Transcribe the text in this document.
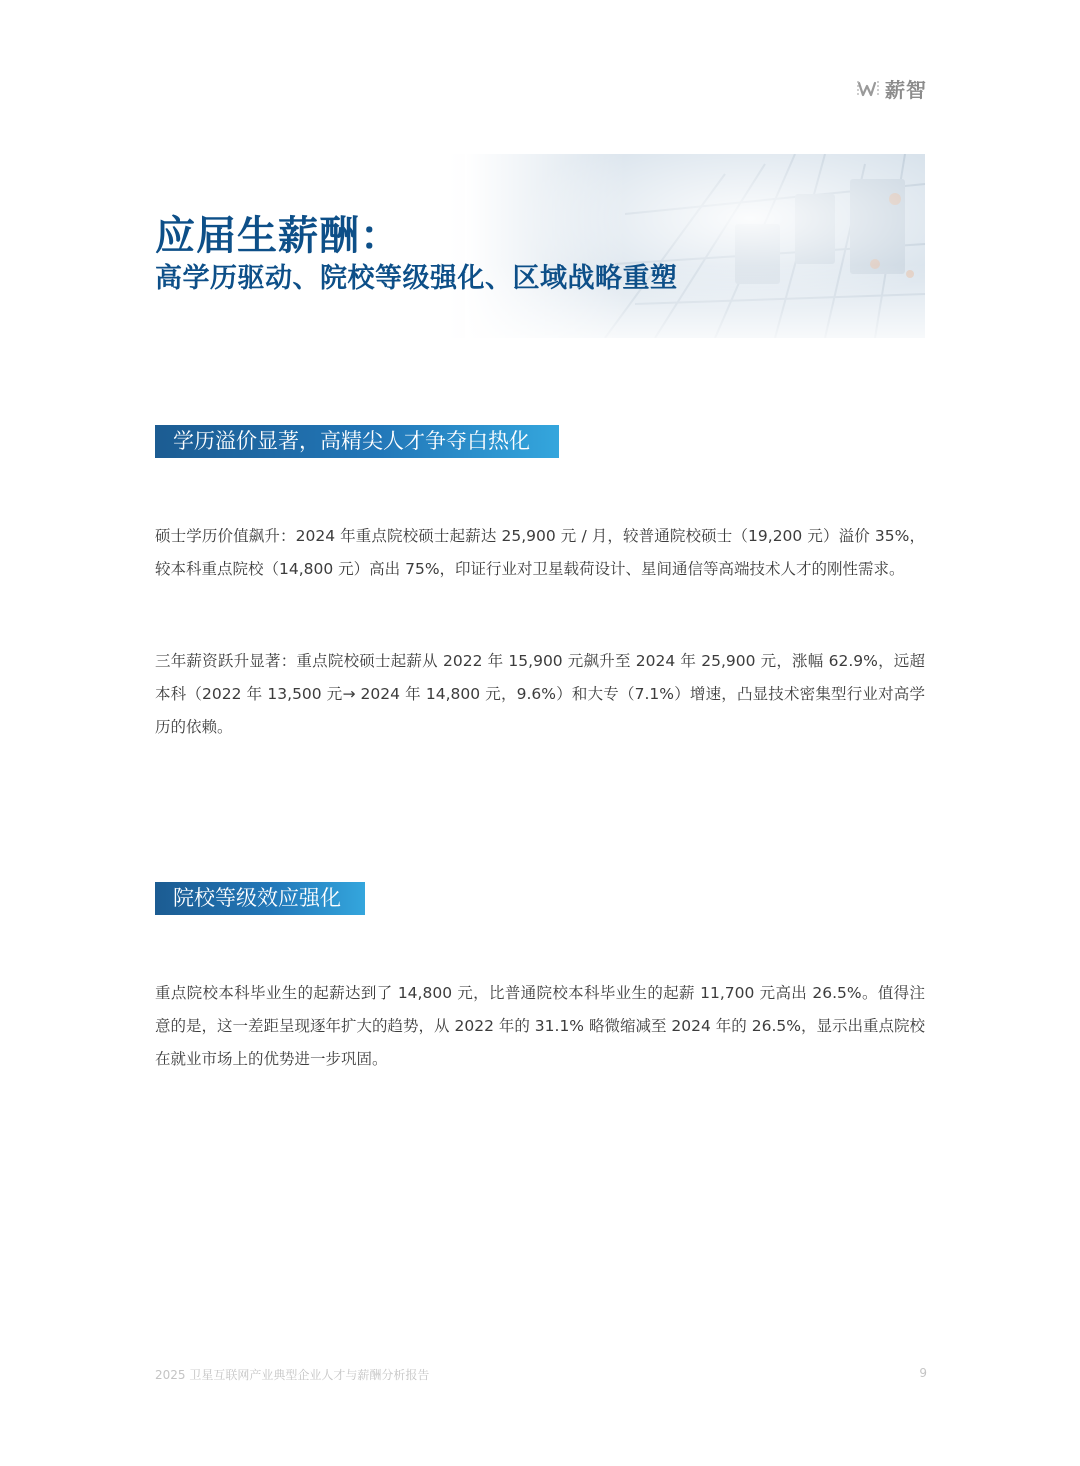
薪智
应届生薪酬：
高学历驱动、院校等级强化、区域战略重塑
学历溢价显著，高精尖人才争夺白热化

硕士学历价值飙升：2024 年重点院校硕士起薪达 25,900 元 / 月，较普通院校硕士（19,200 元）溢价 35%，较本科重点院校（14,800 元）高出 75%，印证行业对卫星载荷设计、星间通信等高端技术人才的刚性需求。

三年薪资跃升显著：重点院校硕士起薪从 2022 年 15,900 元飙升至 2024 年 25,900 元，涨幅 62.9%，远超本科（2022 年 13,500 元→ 2024 年 14,800 元，9.6%）和大专（7.1%）增速，凸显技术密集型行业对高学历的依赖。

院校等级效应强化

重点院校本科毕业生的起薪达到了 14,800 元，比普通院校本科毕业生的起薪 11,700 元高出 26.5%。值得注意的是，这一差距呈现逐年扩大的趋势，从 2022 年的 31.1% 略微缩减至 2024 年的 26.5%，显示出重点院校在就业市场上的优势进一步巩固。

2025 卫星互联网产业典型企业人才与薪酬分析报告	9
